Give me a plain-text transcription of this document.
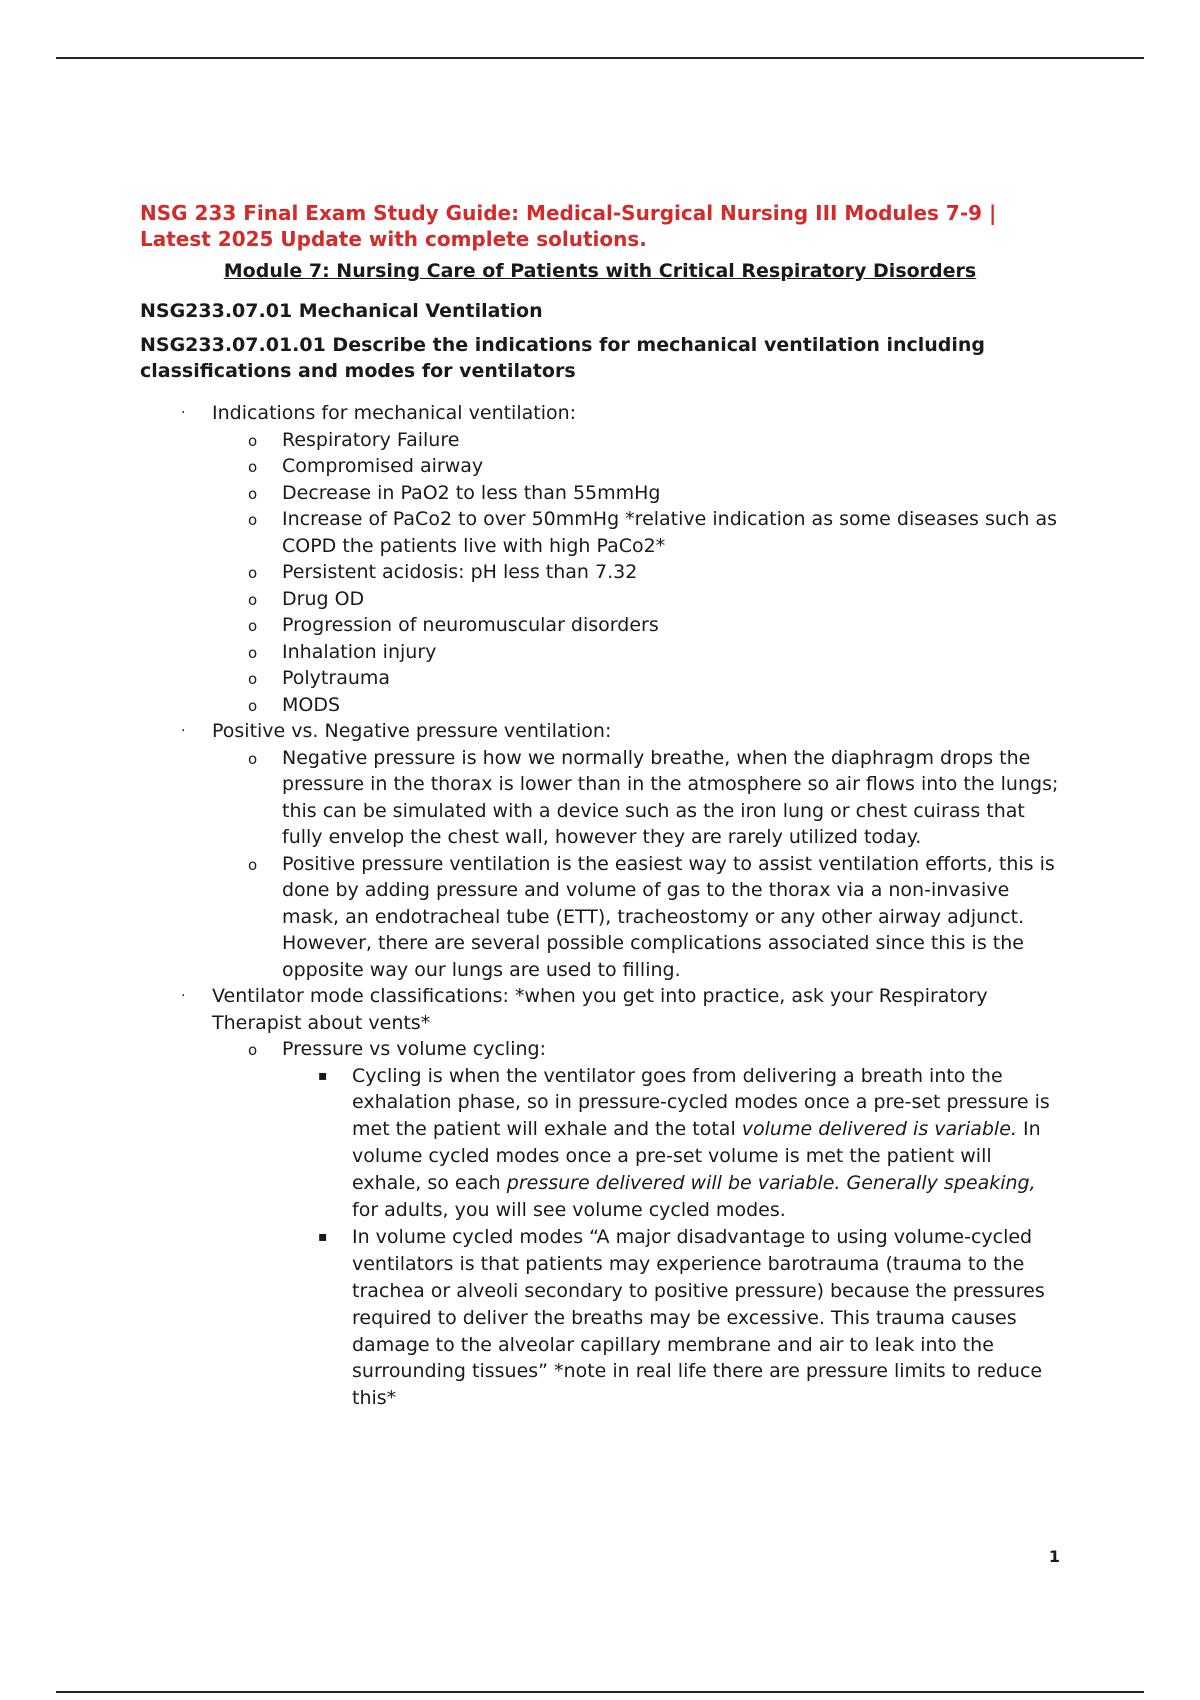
NSG 233 Final Exam Study Guide: Medical-Surgical Nursing III Modules 7-9 | Latest 2025 Update with complete solutions.

Module 7: Nursing Care of Patients with Critical Respiratory Disorders

NSG233.07.01 Mechanical Ventilation

NSG233.07.01.01 Describe the indications for mechanical ventilation including classifications and modes for ventilators

· Indications for mechanical ventilation:
o Respiratory Failure
o Compromised airway
o Decrease in PaO2 to less than 55mmHg
o Increase of PaCo2 to over 50mmHg *relative indication as some diseases such as COPD the patients live with high PaCo2*
o Persistent acidosis: pH less than 7.32
o Drug OD
o Progression of neuromuscular disorders
o Inhalation injury
o Polytrauma
o MODS
· Positive vs. Negative pressure ventilation:
o Negative pressure is how we normally breathe, when the diaphragm drops the pressure in the thorax is lower than in the atmosphere so air flows into the lungs; this can be simulated with a device such as the iron lung or chest cuirass that fully envelop the chest wall, however they are rarely utilized today.
o Positive pressure ventilation is the easiest way to assist ventilation efforts, this is done by adding pressure and volume of gas to the thorax via a non-invasive mask, an endotracheal tube (ETT), tracheostomy or any other airway adjunct. However, there are several possible complications associated since this is the opposite way our lungs are used to filling.
· Ventilator mode classifications: *when you get into practice, ask your Respiratory Therapist about vents*
o Pressure vs volume cycling:
▪ Cycling is when the ventilator goes from delivering a breath into the exhalation phase, so in pressure-cycled modes once a pre-set pressure is met the patient will exhale and the total volume delivered is variable. In volume cycled modes once a pre-set volume is met the patient will exhale, so each pressure delivered will be variable. Generally speaking, for adults, you will see volume cycled modes.
▪ In volume cycled modes “A major disadvantage to using volume-cycled ventilators is that patients may experience barotrauma (trauma to the trachea or alveoli secondary to positive pressure) because the pressures required to deliver the breaths may be excessive. This trauma causes damage to the alveolar capillary membrane and air to leak into the surrounding tissues” *note in real life there are pressure limits to reduce this*
1
